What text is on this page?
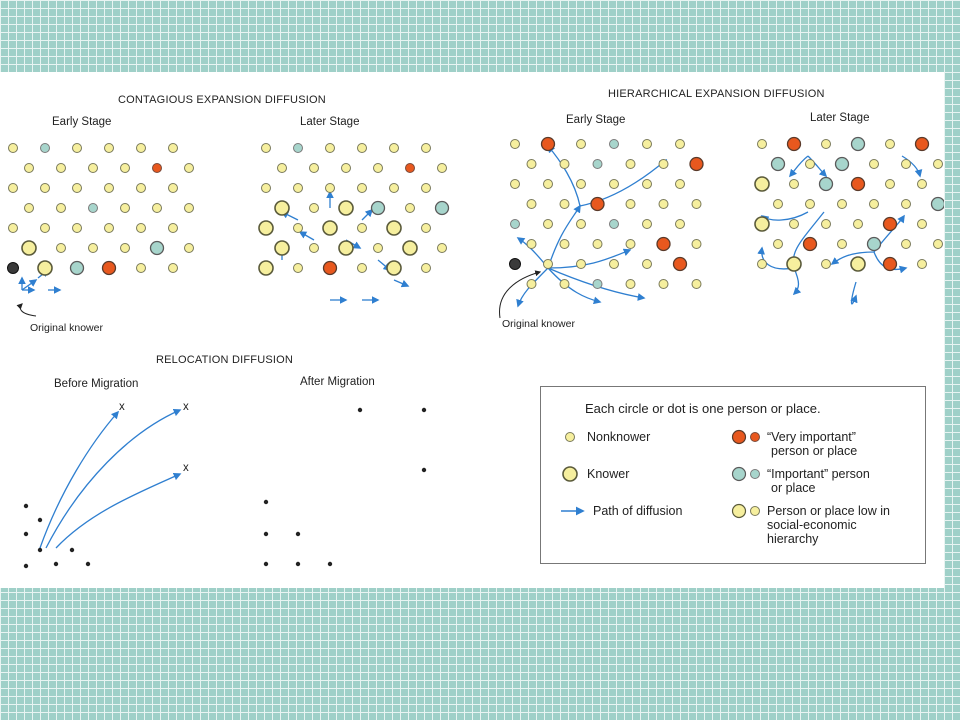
CONTAGIOUS EXPANSION DIFFUSION
Early Stage	Later Stage
Original knower
HIERARCHICAL EXPANSION DIFFUSION
Early Stage	Later Stage
Original knower
RELOCATION DIFFUSION
Before Migration	After Migration
x	x
x
Each circle or dot is one person or place.
Nonknower
Knower
Path of diffusion
“Very important”
person or place
“Important” person
or place
Person or place low in
social-economic
hierarchy
